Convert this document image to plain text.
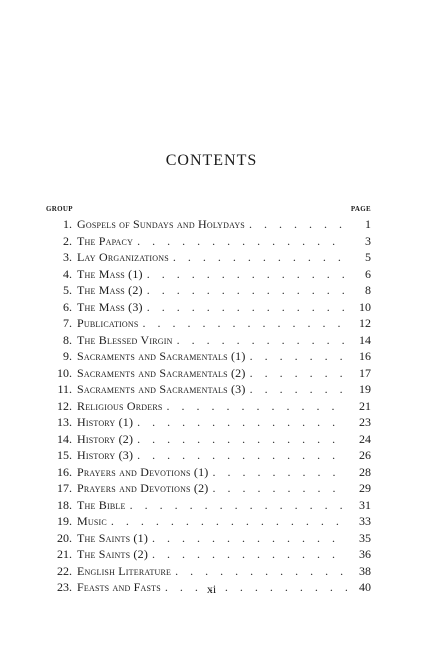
CONTENTS
GROUP	PAGE
1. Gospels of Sundays and Holydays . . .	1
2. The Papacy . . .	3
3. Lay Organizations . . .	5
4. The Mass (1) . . .	6
5. The Mass (2) . . .	8
6. The Mass (3) . . .	10
7. Publications . . .	12
8. The Blessed Virgin . . .	14
9. Sacraments and Sacramentals (1) . . .	16
10. Sacraments and Sacramentals (2) . . .	17
11. Sacraments and Sacramentals (3) . . .	19
12. Religious Orders . . .	21
13. History (1) . . .	23
14. History (2) . . .	24
15. History (3) . . .	26
16. Prayers and Devotions (1) . . .	28
17. Prayers and Devotions (2) . . .	29
18. The Bible . . .	31
19. Music . . .	33
20. The Saints (1) . . .	35
21. The Saints (2) . . .	36
22. English Literature . . .	38
23. Feasts and Fasts . . .	40
xi
